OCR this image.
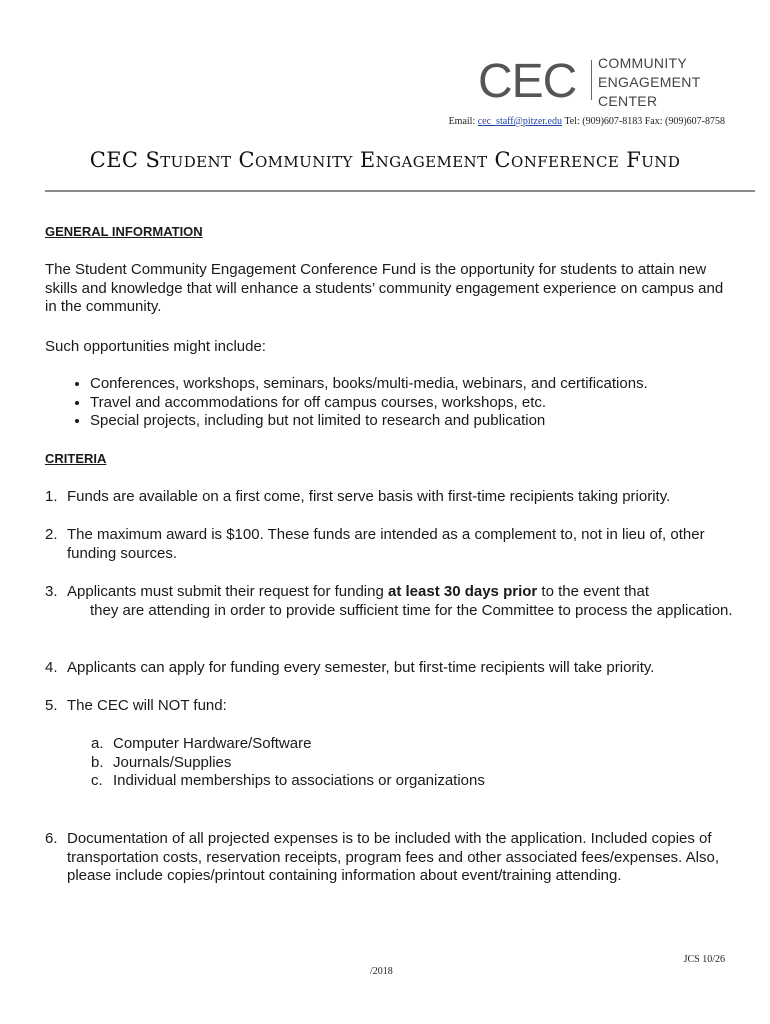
CEC COMMUNITY
ENGAGEMENT
CENTER
Email: cec_staff@pitzer.edu Tel: (909)607-8183 Fax: (909)607-8758
CEC Student Community Engagement Conference Fund
GENERAL INFORMATION
The Student Community Engagement Conference Fund is the opportunity for students to attain new skills and knowledge that will enhance a students’ community engagement experience on campus and in the community.
Such opportunities might include:
• Conferences, workshops, seminars, books/multi-media, webinars, and certifications.
• Travel and accommodations for off campus courses, workshops, etc.
• Special projects, including but not limited to research and publication
CRITERIA
1. Funds are available on a first come, first serve basis with first-time recipients taking priority.
2. The maximum award is $100. These funds are intended as a complement to, not in lieu of, other funding sources.
3. Applicants must submit their request for funding at least 30 days prior to the event that
they are attending in order to provide sufficient time for the Committee to process the application.
4. Applicants can apply for funding every semester, but first-time recipients will take priority.
5. The CEC will NOT fund:
a. Computer Hardware/Software
b. Journals/Supplies
c. Individual memberships to associations or organizations
6. Documentation of all projected expenses is to be included with the application. Included copies of transportation costs, reservation receipts, program fees and other associated fees/expenses. Also, please include copies/printout containing information about event/training attending.
JCS 10/26
/2018
